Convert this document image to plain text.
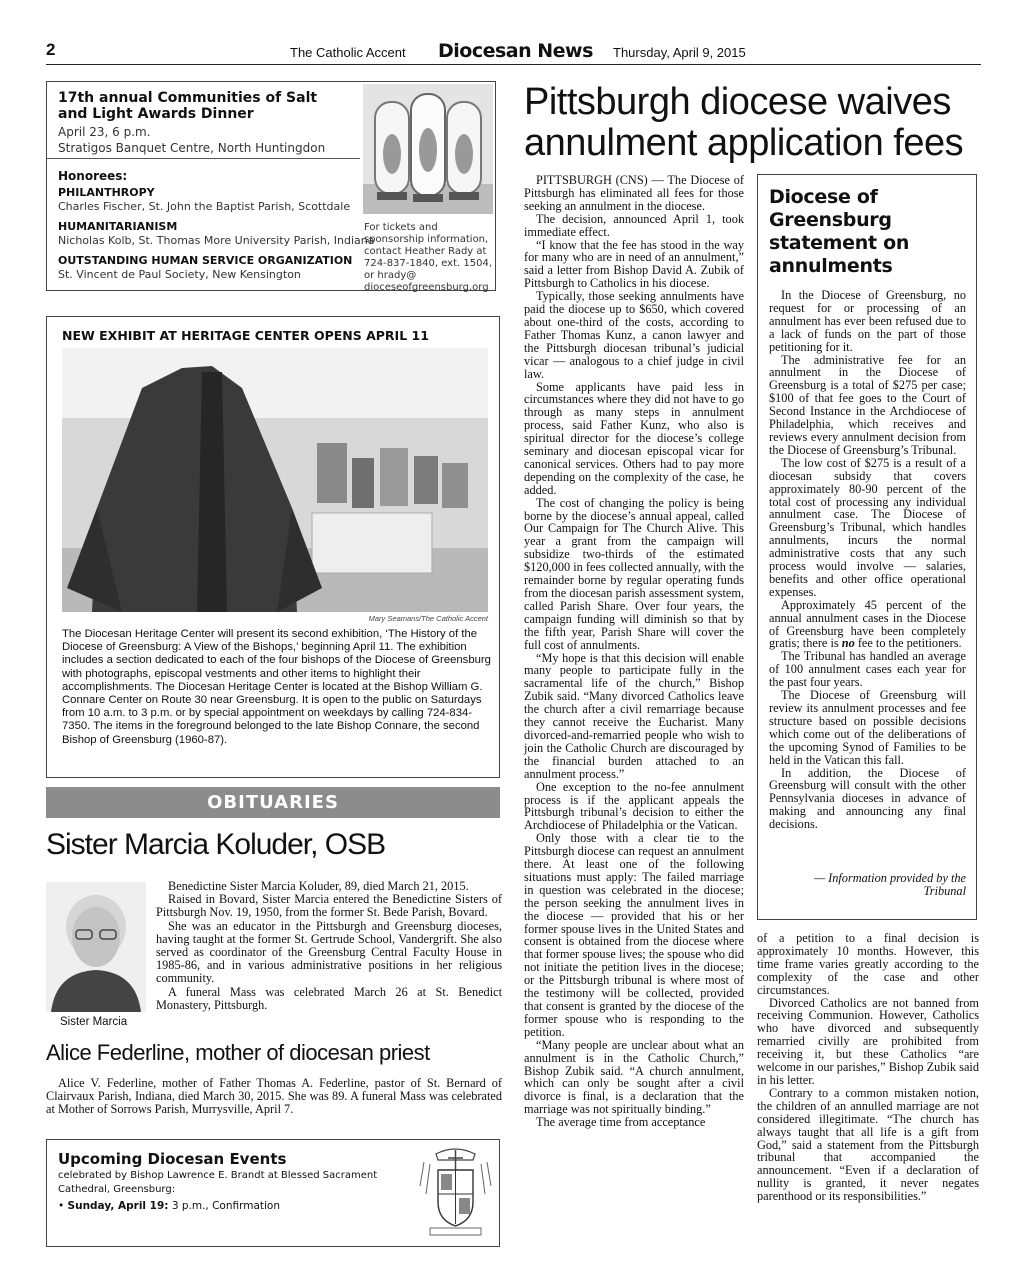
2	The Catholic Accent Diocesan News Thursday, April 9, 2015
17th annual Communities of Salt and Light Awards Dinner
April 23, 6 p.m.
Stratigos Banquet Centre, North Huntingdon
Honorees:
PHILANTHROPY
Charles Fischer, St. John the Baptist Parish, Scottdale
HUMANITARIANISM
Nicholas Kolb, St. Thomas More University Parish, Indiana
OUTSTANDING HUMAN SERVICE ORGANIZATION
St. Vincent de Paul Society, New Kensington
For tickets and sponsorship information, contact Heather Rady at 724-837-1840, ext. 1504, or hrady@ dioceseofgreensburg.org
NEW EXHIBIT AT HERITAGE CENTER OPENS APRIL 11
Mary Seamans/The Catholic Accent
The Diocesan Heritage Center will present its second exhibition, ‘The History of the Diocese of Greensburg: A View of the Bishops,’ beginning April 11. The exhibition includes a section dedicated to each of the four bishops of the Diocese of Greensburg with photographs, episcopal vestments and other items to highlight their accomplishments. The Diocesan Heritage Center is located at the Bishop William G. Connare Center on Route 30 near Greensburg. It is open to the public on Saturdays from 10 a.m. to 3 p.m. or by special appointment on weekdays by calling 724-834-7350. The items in the foreground belonged to the late Bishop Connare, the second Bishop of Greensburg (1960-87).
OBITUARIES
Sister Marcia Koluder, OSB
Sister Marcia

Benedictine Sister Marcia Koluder, 89, died March 21, 2015.

Raised in Bovard, Sister Marcia entered the Benedictine Sisters of Pittsburgh Nov. 19, 1950, from the former St. Bede Parish, Bovard.

She was an educator in the Pittsburgh and Greensburg dioceses, having taught at the former St. Gertrude School, Vandergrift. She also served as coordinator of the Greensburg Central Faculty House in 1985-86, and in various administrative positions in her religious community.

A funeral Mass was celebrated March 26 at St. Benedict Monastery, Pittsburgh.

Alice Federline, mother of diocesan priest
Alice V. Federline, mother of Father Thomas A. Federline, pastor of St. Bernard of Clairvaux Parish, Indiana, died March 30, 2015. She was 89. A funeral Mass was celebrated at Mother of Sorrows Parish, Murrysville, April 7.
Upcoming Diocesan Events
celebrated by Bishop Lawrence E. Brandt at Blessed Sacrament Cathedral, Greensburg:
• Sunday, April 19: 3 p.m., Confirmation
Pittsburgh diocese waives annulment application fees

PITTSBURGH (CNS) — The Diocese of Pittsburgh has eliminated all fees for those seeking an annulment in the diocese.

The decision, announced April 1, took immediate effect.

“I know that the fee has stood in the way for many who are in need of an annulment,” said a letter from Bishop David A. Zubik of Pittsburgh to Catholics in his diocese.

Typically, those seeking annulments have paid the diocese up to $650, which covered about one-third of the costs, according to Father Thomas Kunz, a canon lawyer and the Pittsburgh diocesan tribunal’s judicial vicar — analogous to a chief judge in civil law.

Some applicants have paid less in circumstances where they did not have to go through as many steps in annulment process, said Father Kunz, who also is spiritual director for the diocese’s college seminary and diocesan episcopal vicar for canonical services. Others had to pay more depending on the complexity of the case, he added.

The cost of changing the policy is being borne by the diocese’s annual appeal, called Our Campaign for The Church Alive. This year a grant from the campaign will subsidize two-thirds of the estimated $120,000 in fees collected annually, with the remainder borne by regular operating funds from the diocesan parish assessment system, called Parish Share. Over four years, the campaign funding will diminish so that by the fifth year, Parish Share will cover the full cost of annulments.

“My hope is that this decision will enable many people to participate fully in the sacramental life of the church,” Bishop Zubik said. “Many divorced Catholics leave the church after a civil remarriage because they cannot receive the Eucharist. Many divorced-and-remarried people who wish to join the Catholic Church are discouraged by the financial burden attached to an annulment process.”

One exception to the no-fee annulment process is if the applicant appeals the Pittsburgh tribunal’s decision to either the Archdiocese of Philadelphia or the Vatican.

Only those with a clear tie to the Pittsburgh diocese can request an annulment there. At least one of the following situations must apply: The failed marriage in question was celebrated in the diocese; the person seeking the annulment lives in the diocese — provided that his or her former spouse lives in the United States and consent is obtained from the diocese where that former spouse lives; the spouse who did not initiate the petition lives in the diocese; or the Pittsburgh tribunal is where most of the testimony will be collected, provided that consent is granted by the diocese of the former spouse who is responding to the petition.

“Many people are unclear about what an annulment is in the Catholic Church,” Bishop Zubik said. “A church annulment, which can only be sought after a civil divorce is final, is a declaration that the marriage was not spiritually binding.”

The average time from acceptance

of a petition to a final decision is approximately 10 months. However, this time frame varies greatly according to the complexity of the case and other circumstances.

Divorced Catholics are not banned from receiving Communion. However, Catholics who have divorced and subsequently remarried civilly are prohibited from receiving it, but these Catholics “are welcome in our parishes,” Bishop Zubik said in his letter.

Contrary to a common mistaken notion, the children of an annulled marriage are not considered illegitimate. “The church has always taught that all life is a gift from God,” said a statement from the Pittsburgh tribunal that accompanied the announcement. “Even if a declaration of nullity is granted, it never negates parenthood or its responsibilities.”

Diocese of Greensburg statement on annulments

In the Diocese of Greensburg, no request for or processing of an annulment has ever been refused due to a lack of funds on the part of those petitioning for it.

The administrative fee for an annulment in the Diocese of Greensburg is a total of $275 per case; $100 of that fee goes to the Court of Second Instance in the Archdiocese of Philadelphia, which receives and reviews every annulment decision from the Diocese of Greensburg’s Tribunal.

The low cost of $275 is a result of a diocesan subsidy that covers approximately 80-90 percent of the total cost of processing any individual annulment case. The Diocese of Greensburg’s Tribunal, which handles annulments, incurs the normal administrative costs that any such process would involve — salaries, benefits and other office operational expenses.

Approximately 45 percent of the annual annulment cases in the Diocese of Greensburg have been completely gratis; there is no fee to the petitioners.

The Tribunal has handled an average of 100 annulment cases each year for the past four years.

The Diocese of Greensburg will review its annulment processes and fee structure based on possible decisions which come out of the deliberations of the upcoming Synod of Families to be held in the Vatican this fall.

In addition, the Diocese of Greensburg will consult with the other Pennsylvania dioceses in advance of making and announcing any final decisions.

— Information provided by the Tribunal
